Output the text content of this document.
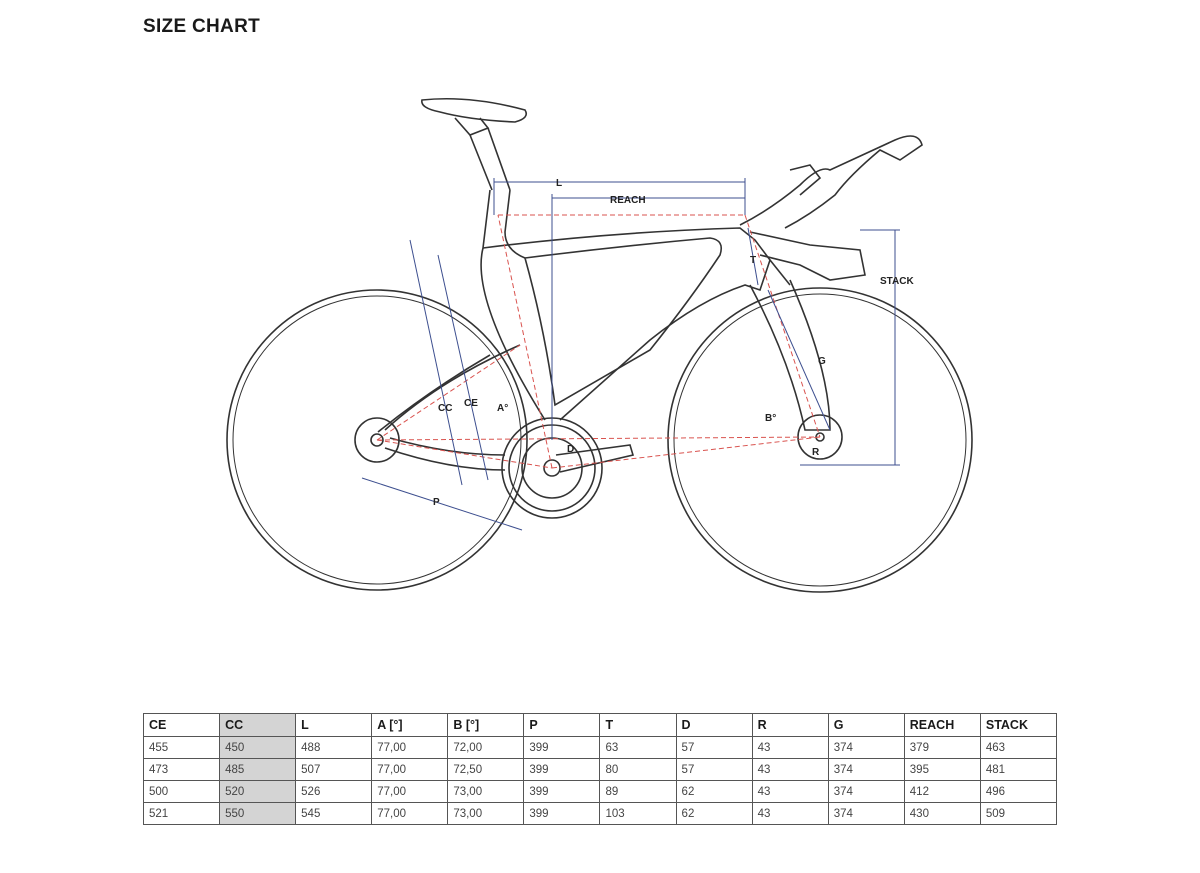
SIZE CHART
L
REACH
T
STACK
G
B°
R
D
A°
CE
CC
P
CE	CC	L	A [°]	B [°]	P	T	D	R	G	REACH	STACK
455	450	488	77,00	72,00	399	63	57	43	374	379	463
473	485	507	77,00	72,50	399	80	57	43	374	395	481
500	520	526	77,00	73,00	399	89	62	43	374	412	496
521	550	545	77,00	73,00	399	103	62	43	374	430	509
